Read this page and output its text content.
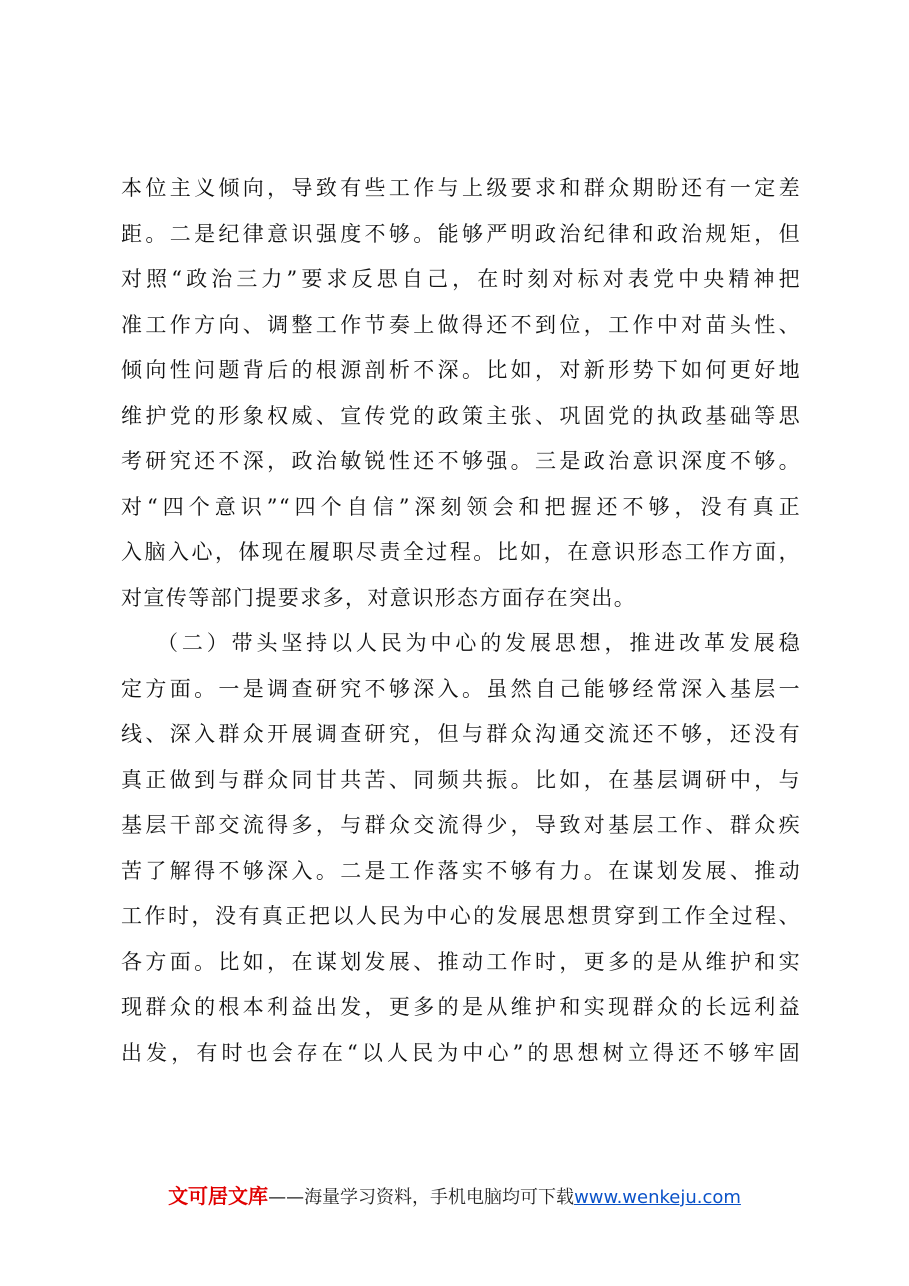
本位主义倾向，导致有些工作与上级要求和群众期盼还有一定差
距。二是纪律意识强度不够。能够严明政治纪律和政治规矩，但
对照“政治三力”要求反思自己，在时刻对标对表党中央精神把
准工作方向、调整工作节奏上做得还不到位，工作中对苗头性、
倾向性问题背后的根源剖析不深。比如，对新形势下如何更好地
维护党的形象权威、宣传党的政策主张、巩固党的执政基础等思
考研究还不深，政治敏锐性还不够强。三是政治意识深度不够。
对“四个意识”“四个自信”深刻领会和把握还不够，没有真正
入脑入心，体现在履职尽责全过程。比如，在意识形态工作方面，
对宣传等部门提要求多，对意识形态方面存在突出。
（二）带头坚持以人民为中心的发展思想，推进改革发展稳
定方面。一是调查研究不够深入。虽然自己能够经常深入基层一
线、深入群众开展调查研究，但与群众沟通交流还不够，还没有
真正做到与群众同甘共苦、同频共振。比如，在基层调研中，与
基层干部交流得多，与群众交流得少，导致对基层工作、群众疾
苦了解得不够深入。二是工作落实不够有力。在谋划发展、推动
工作时，没有真正把以人民为中心的发展思想贯穿到工作全过程、
各方面。比如，在谋划发展、推动工作时，更多的是从维护和实
现群众的根本利益出发，更多的是从维护和实现群众的长远利益
出发，有时也会存在“以人民为中心”的思想树立得还不够牢固
文可居文库——海量学习资料，手机电脑均可下载www.wenkeju.com
